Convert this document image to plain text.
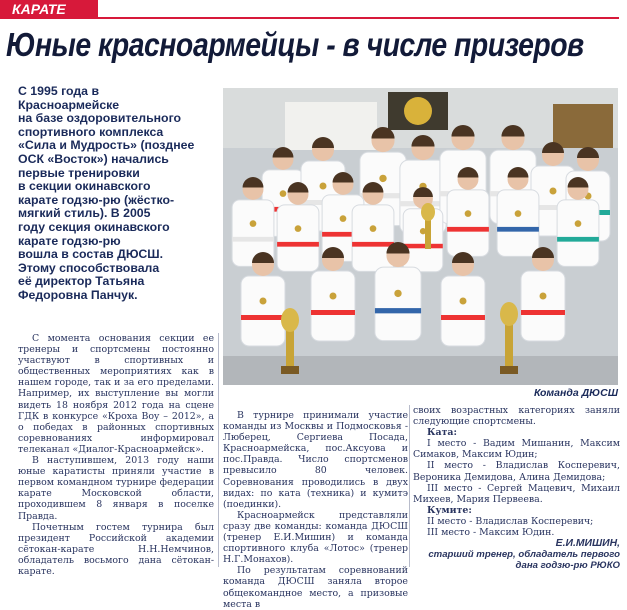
КАРАТЕ
Юные красноармейцы - в числе призеров
С 1995 года в
Красноармейске
на базе оздоровительного
спортивного комплекса
«Сила и Мудрость» (позднее
ОСК «Восток») начались
первые тренировки
в секции окинавского
карате годзю-рю (жёстко-
мягкий стиль). В 2005
году секция окинавского
карате годзю-рю
вошла в состав ДЮСШ.
Этому способствовала
её директор Татьяна
Федоровна Панчук.
Команда ДЮСШ

С момента основания секции ее тренеры и спортсмены постоянно участвуют в спортивных и общественных мероприятиях как в нашем городе, так и за его пределами. Например, их выступление вы могли видеть 18 ноября 2012 года на сцене ГДК в конкурсе «Кроха Boy – 2012», а о победах в районных спортивных соревнованиях информировал телеканал «Диалог-Красноармейск».

В наступившем, 2013 году наши юные каратисты приняли участие в первом командном турнире федерации карате Московской области, проходившем 8 января в поселке Правда.

Почетным гостем турнира был президент Российской академии сётокан-карате Н.Н.Немчинов, обладатель восьмого дана сётокан-карате.

В турнире принимали участие команды из Москвы и Подмосковья - Люберец, Сергиева Посада, Красноармейска, пос.Аксуова и пос.Правда. Число спортсменов превысило 80 человек. Соревнования проводились в двух видах: по ката (техника) и кумитэ (поединки).

Красноармейск представляли сразу две команды: команда ДЮСШ (тренер Е.И.Мишин) и команда спортивного клуба «Лотос» (тренер Н.Г.Монахов).

По результатам соревнований команда ДЮСШ заняла второе общекомандное место, а призовые места в

своих возрастных категориях заняли следующие спортсмены.

Ката:

I место - Вадим Мишанин, Максим Симаков, Максим Юдин;

II место - Владислав Косперевич, Вероника Демидова, Алина Демидова;

III место - Сергей Мацевич, Михаил Михеев, Мария Первеева.

Кумите:

II место - Владислав Косперевич;

III место - Максим Юдин.

Е.И.МИШИН,
старший тренер, обладатель первого дана годзю-рю РЮКО
